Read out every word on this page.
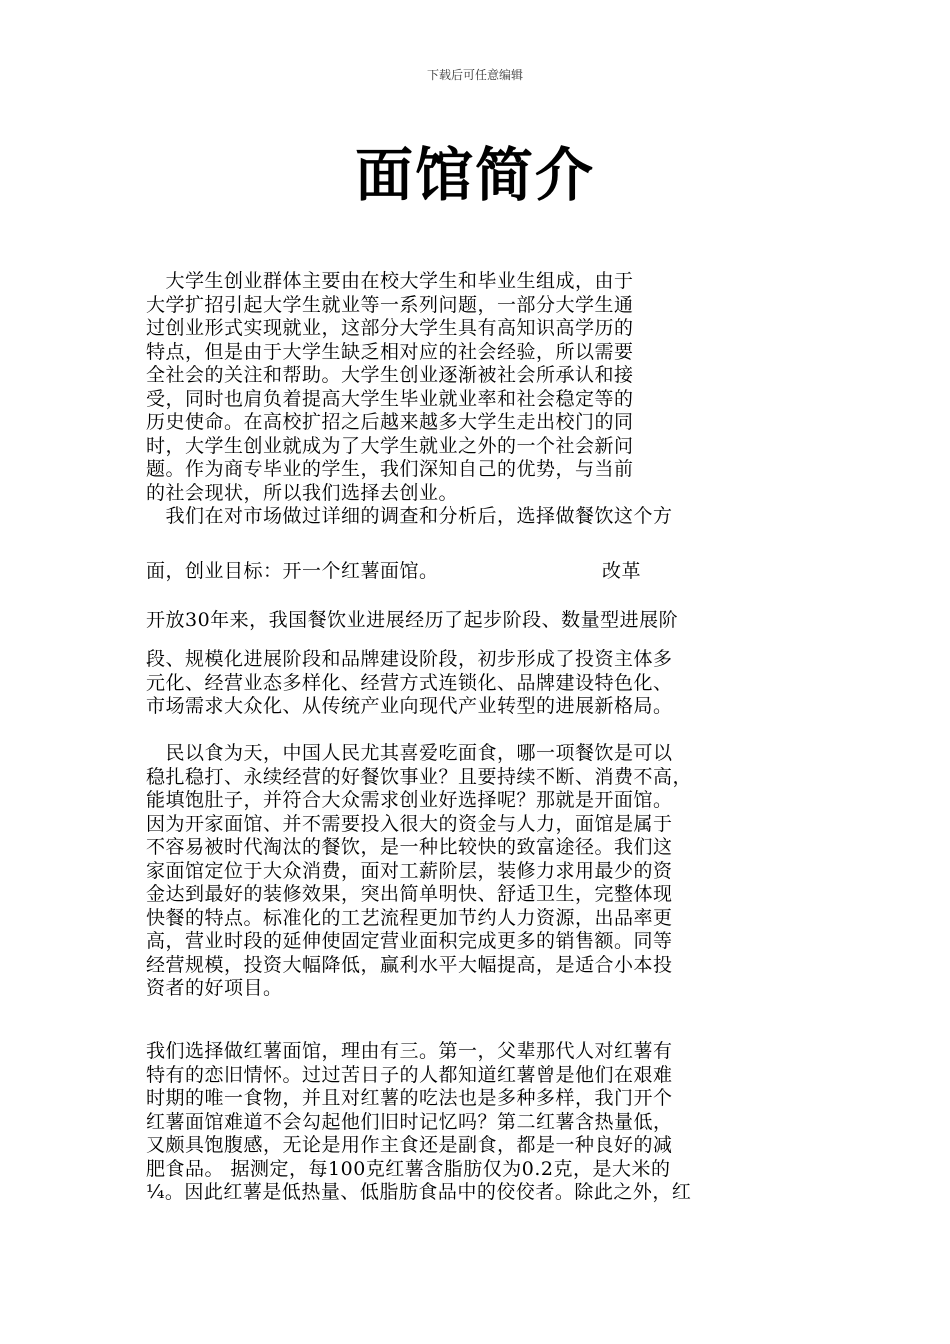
下载后可任意编辑
面馆简介
　大学生创业群体主要由在校大学生和毕业生组成，由于
大学扩招引起大学生就业等一系列问题，一部分大学生通
过创业形式实现就业，这部分大学生具有高知识高学历的
特点，但是由于大学生缺乏相对应的社会经验，所以需要
全社会的关注和帮助。大学生创业逐渐被社会所承认和接
受，同时也肩负着提高大学生毕业就业率和社会稳定等的
历史使命。在高校扩招之后越来越多大学生走出校门的同
时，大学生创业就成为了大学生就业之外的一个社会新问
题。作为商专毕业的学生，我们深知自己的优势，与当前
的社会现状，所以我们选择去创业。
　我们在对市场做过详细的调查和分析后，选择做餐饮这个方
面，创业目标：开一个红薯面馆。	改革
开放30年来，我国餐饮业进展经历了起步阶段、数量型进展阶
段、规模化进展阶段和品牌建设阶段，初步形成了投资主体多
元化、经营业态多样化、经营方式连锁化、品牌建设特色化、
市场需求大众化、从传统产业向现代产业转型的进展新格局。
　民以食为天，中国人民尤其喜爱吃面食，哪一项餐饮是可以
稳扎稳打、永续经营的好餐饮事业？且要持续不断、消费不高，
能填饱肚子，并符合大众需求创业好选择呢？那就是开面馆。
因为开家面馆、并不需要投入很大的资金与人力，面馆是属于
不容易被时代淘汰的餐饮，是一种比较快的致富途径。我们这
家面馆定位于大众消费，面对工薪阶层，装修力求用最少的资
金达到最好的装修效果，突出简单明快、舒适卫生，完整体现
快餐的特点。标准化的工艺流程更加节约人力资源，出品率更
高，营业时段的延伸使固定营业面积完成更多的销售额。同等
经营规模，投资大幅降低，赢利水平大幅提高，是适合小本投
资者的好项目。
我们选择做红薯面馆，理由有三。第一，父辈那代人对红薯有
特有的恋旧情怀。过过苦日子的人都知道红薯曾是他们在艰难
时期的唯一食物，并且对红薯的吃法也是多种多样，我门开个
红薯面馆难道不会勾起他们旧时记忆吗？第二红薯含热量低，
又颇具饱腹感，无论是用作主食还是副食，都是一种良好的减
肥食品。 据测定，每100克红薯含脂肪仅为0.2克，是大米的
¼。因此红薯是低热量、低脂肪食品中的佼佼者。除此之外，红
